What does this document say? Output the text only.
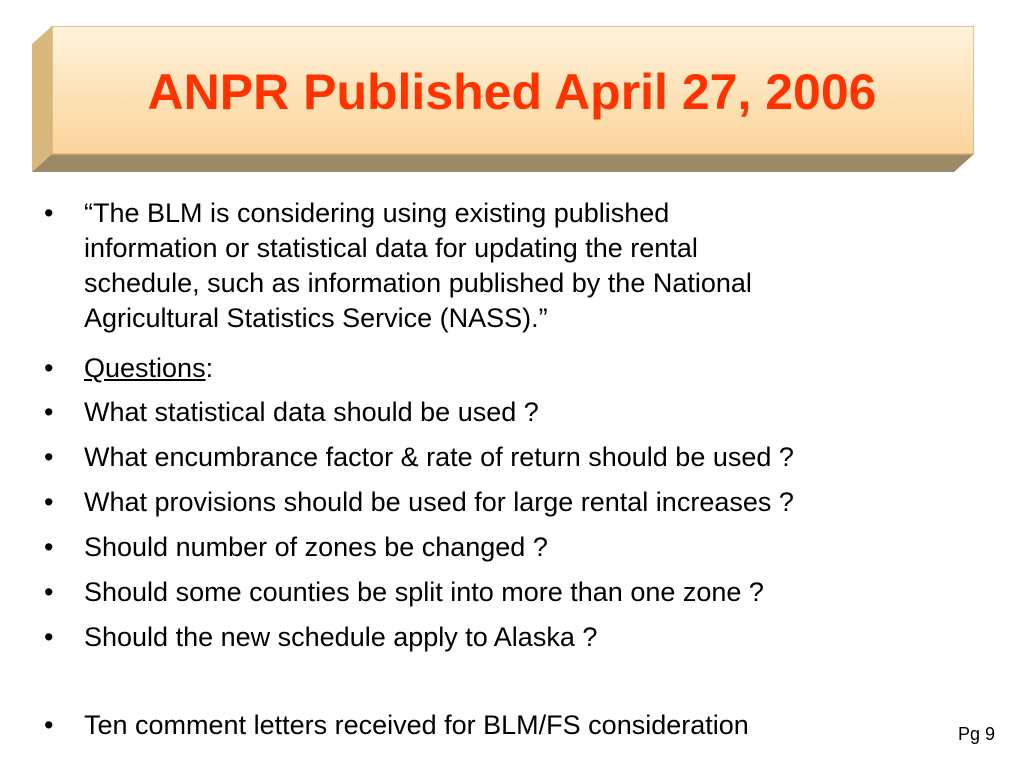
ANPR Published April 27, 2006
• “The BLM is considering using existing published
information or statistical data for updating the rental
schedule, such as information published by the National
Agricultural Statistics Service (NASS).”
• Questions:
• What statistical data should be used ?
• What encumbrance factor & rate of return should be used ?
• What provisions should be used for large rental increases ?
• Should number of zones be changed ?
• Should some counties be split into more than one zone ?
• Should the new schedule apply to Alaska ?
• Ten comment letters received for BLM/FS consideration	Pg 9
